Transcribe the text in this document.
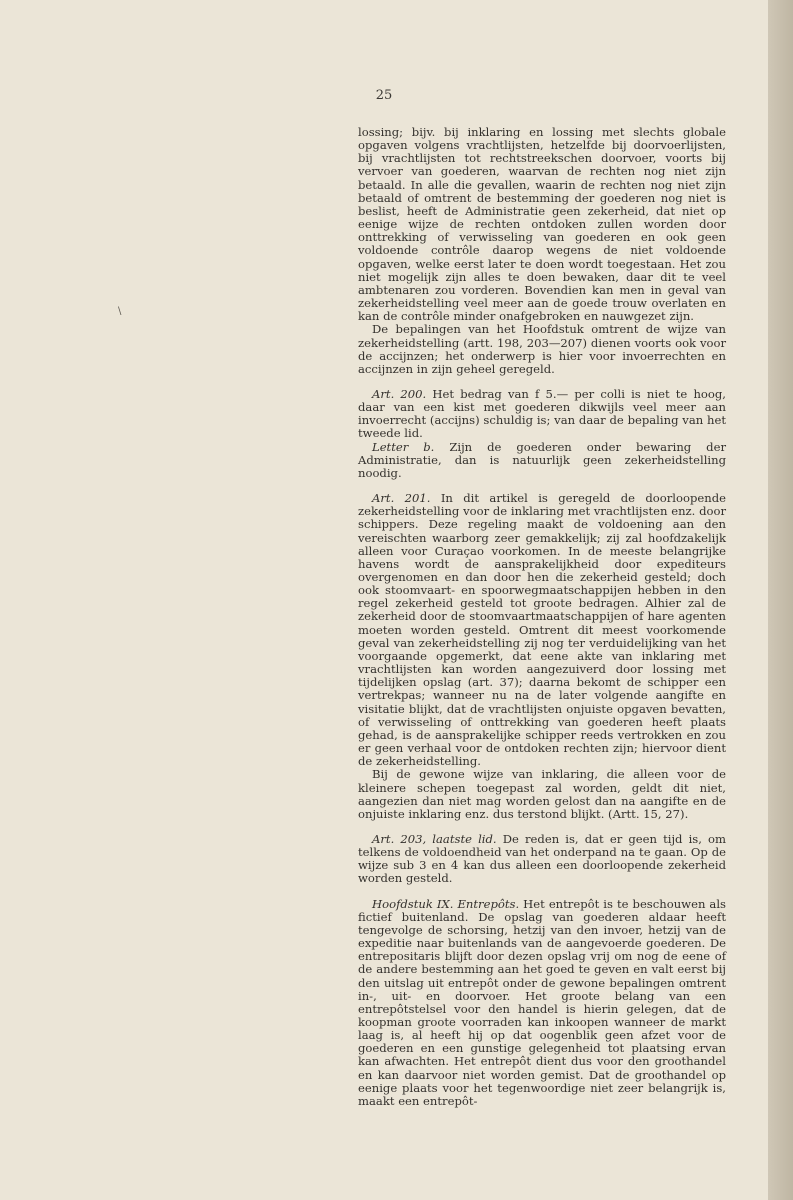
25
\

lossing; bijv. bij inklaring en lossing met slechts globale opgaven volgens vrachtlijsten, hetzelfde bij doorvoerlijsten, bij vrachtlijsten tot rechtstreekschen doorvoer, voorts bij vervoer van goederen, waarvan de rechten nog niet zijn betaald. In alle die gevallen, waarin de rechten nog niet zijn betaald of omtrent de bestemming der goederen nog niet is beslist, heeft de Administratie geen zekerheid, dat niet op eenige wijze de rechten ontdoken zullen worden door onttrekking of verwisseling van goederen en ook geen voldoende contrôle daarop wegens de niet voldoende opgaven, welke eerst later te doen wordt toegestaan. Het zou niet mogelijk zijn alles te doen bewaken, daar dit te veel ambtenaren zou vorderen. Bovendien kan men in geval van zekerheidstelling veel meer aan de goede trouw overlaten en kan de contrôle minder onafgebroken en nauwgezet zijn.

De bepalingen van het Hoofdstuk omtrent de wijze van zekerheidstelling (artt. 198, 203—207) dienen voorts ook voor de accijnzen; het onderwerp is hier voor invoerrechten en accijnzen in zijn geheel geregeld.

Art. 200. Het bedrag van f 5.— per colli is niet te hoog, daar van een kist met goederen dikwijls veel meer aan invoerrecht (accijns) schuldig is; van daar de bepaling van het tweede lid.

Letter b. Zijn de goederen onder bewaring der Administratie, dan is natuurlijk geen zekerheidstelling noodig.

Art. 201. In dit artikel is geregeld de doorloopende zekerheidstelling voor de inklaring met vrachtlijsten enz. door schippers. Deze regeling maakt de voldoening aan den vereischten waarborg zeer gemakkelijk; zij zal hoofdzakelijk alleen voor Curaçao voorkomen. In de meeste belangrijke havens wordt de aansprakelijkheid door expediteurs overgenomen en dan door hen die zekerheid gesteld; doch ook stoomvaart- en spoorwegmaatschappijen hebben in den regel zekerheid gesteld tot groote bedragen. Alhier zal de zekerheid door de stoomvaartmaatschappijen of hare agenten moeten worden gesteld. Omtrent dit meest voorkomende geval van zekerheidstelling zij nog ter verduidelijking van het voorgaande opgemerkt, dat eene akte van inklaring met vrachtlijsten kan worden aangezuiverd door lossing met tijdelijken opslag (art. 37); daarna bekomt de schipper een vertrekpas; wanneer nu na de later volgende aangifte en visitatie blijkt, dat de vrachtlijsten onjuiste opgaven bevatten, of verwisseling of onttrekking van goederen heeft plaats gehad, is de aansprakelijke schipper reeds vertrokken en zou er geen verhaal voor de ontdoken rechten zijn; hiervoor dient de zekerheidstelling.

Bij de gewone wijze van inklaring, die alleen voor de kleinere schepen toegepast zal worden, geldt dit niet, aangezien dan niet mag worden gelost dan na aangifte en de onjuiste inklaring enz. dus terstond blijkt. (Artt. 15, 27).

Art. 203, laatste lid. De reden is, dat er geen tijd is, om telkens de voldoendheid van het onderpand na te gaan. Op de wijze sub 3 en 4 kan dus alleen een doorloopende zekerheid worden gesteld.

Hoofdstuk IX. Entrepôts. Het entrepôt is te beschouwen als fictief buitenland. De opslag van goederen aldaar heeft tengevolge de schorsing, hetzij van den invoer, hetzij van de expeditie naar buitenlands van de aangevoerde goederen. De entrepositaris blijft door dezen opslag vrij om nog de eene of de andere bestemming aan het goed te geven en valt eerst bij den uitslag uit entrepôt onder de gewone bepalingen omtrent in-, uit- en doorvoer. Het groote belang van een entrepôtstelsel voor den handel is hierin gelegen, dat de koopman groote voorraden kan inkoopen wanneer de markt laag is, al heeft hij op dat oogenblik geen afzet voor de goederen en een gunstige gelegenheid tot plaatsing ervan kan afwachten. Het entrepôt dient dus voor den groothandel en kan daarvoor niet worden gemist. Dat de groothandel op eenige plaats voor het tegenwoordige niet zeer belangrijk is, maakt een entrepôt-
